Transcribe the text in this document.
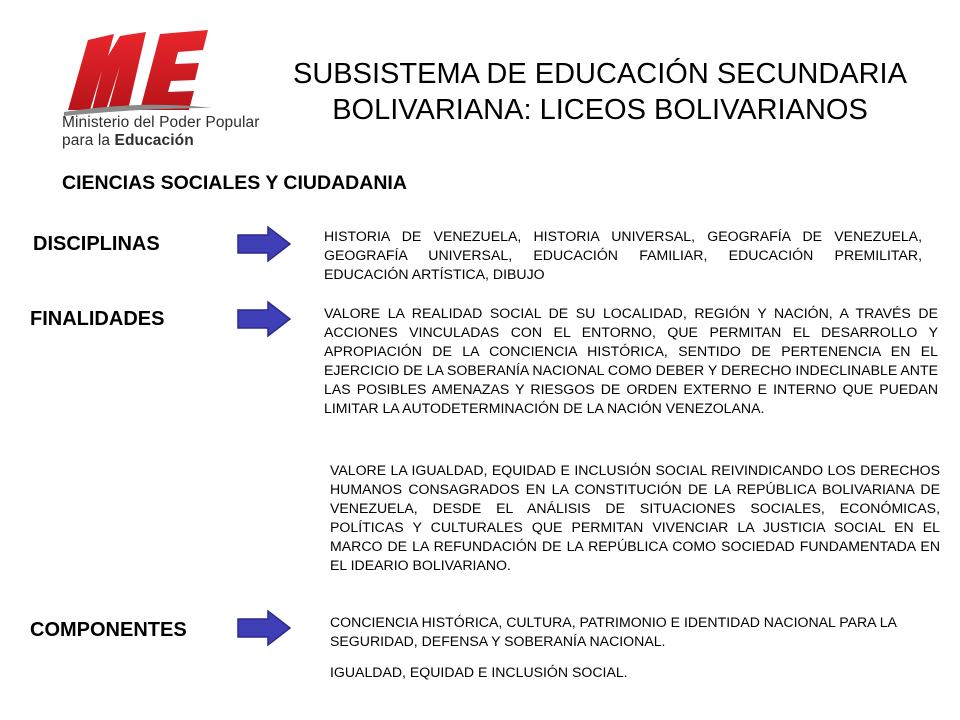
Ministerio del Poder Popular
para la Educación
SUBSISTEMA DE EDUCACIÓN SECUNDARIA
BOLIVARIANA: LICEOS BOLIVARIANOS
CIENCIAS SOCIALES Y CIUDADANIA
DISCIPLINAS	HISTORIA DE VENEZUELA, HISTORIA UNIVERSAL, GEOGRAFÍA DE VENEZUELA, GEOGRAFÍA UNIVERSAL, EDUCACIÓN FAMILIAR, EDUCACIÓN PREMILITAR, EDUCACIÓN ARTÍSTICA, DIBUJO
FINALIDADES	VALORE LA REALIDAD SOCIAL DE SU LOCALIDAD, REGIÓN Y NACIÓN, A TRAVÉS DE ACCIONES VINCULADAS CON EL ENTORNO, QUE PERMITAN EL DESARROLLO Y APROPIACIÓN DE LA CONCIENCIA HISTÓRICA, SENTIDO DE PERTENENCIA EN EL EJERCICIO DE LA SOBERANÍA NACIONAL COMO DEBER Y DERECHO INDECLINABLE ANTE LAS POSIBLES AMENAZAS Y RIESGOS DE ORDEN EXTERNO E INTERNO QUE PUEDAN LIMITAR LA AUTODETERMINACIÓN DE LA NACIÓN VENEZOLANA.
VALORE LA IGUALDAD, EQUIDAD E INCLUSIÓN SOCIAL REIVINDICANDO LOS DERECHOS HUMANOS CONSAGRADOS EN LA CONSTITUCIÓN DE LA REPÚBLICA BOLIVARIANA DE VENEZUELA, DESDE EL ANÁLISIS DE SITUACIONES SOCIALES, ECONÓMICAS, POLÍTICAS Y CULTURALES QUE PERMITAN VIVENCIAR LA JUSTICIA SOCIAL EN EL MARCO DE LA REFUNDACIÓN DE LA REPÚBLICA COMO SOCIEDAD FUNDAMENTADA EN EL IDEARIO BOLIVARIANO.
COMPONENTES	CONCIENCIA HISTÓRICA, CULTURA, PATRIMONIO E IDENTIDAD NACIONAL PARA LA SEGURIDAD, DEFENSA Y SOBERANÍA NACIONAL.
IGUALDAD, EQUIDAD E INCLUSIÓN SOCIAL.
